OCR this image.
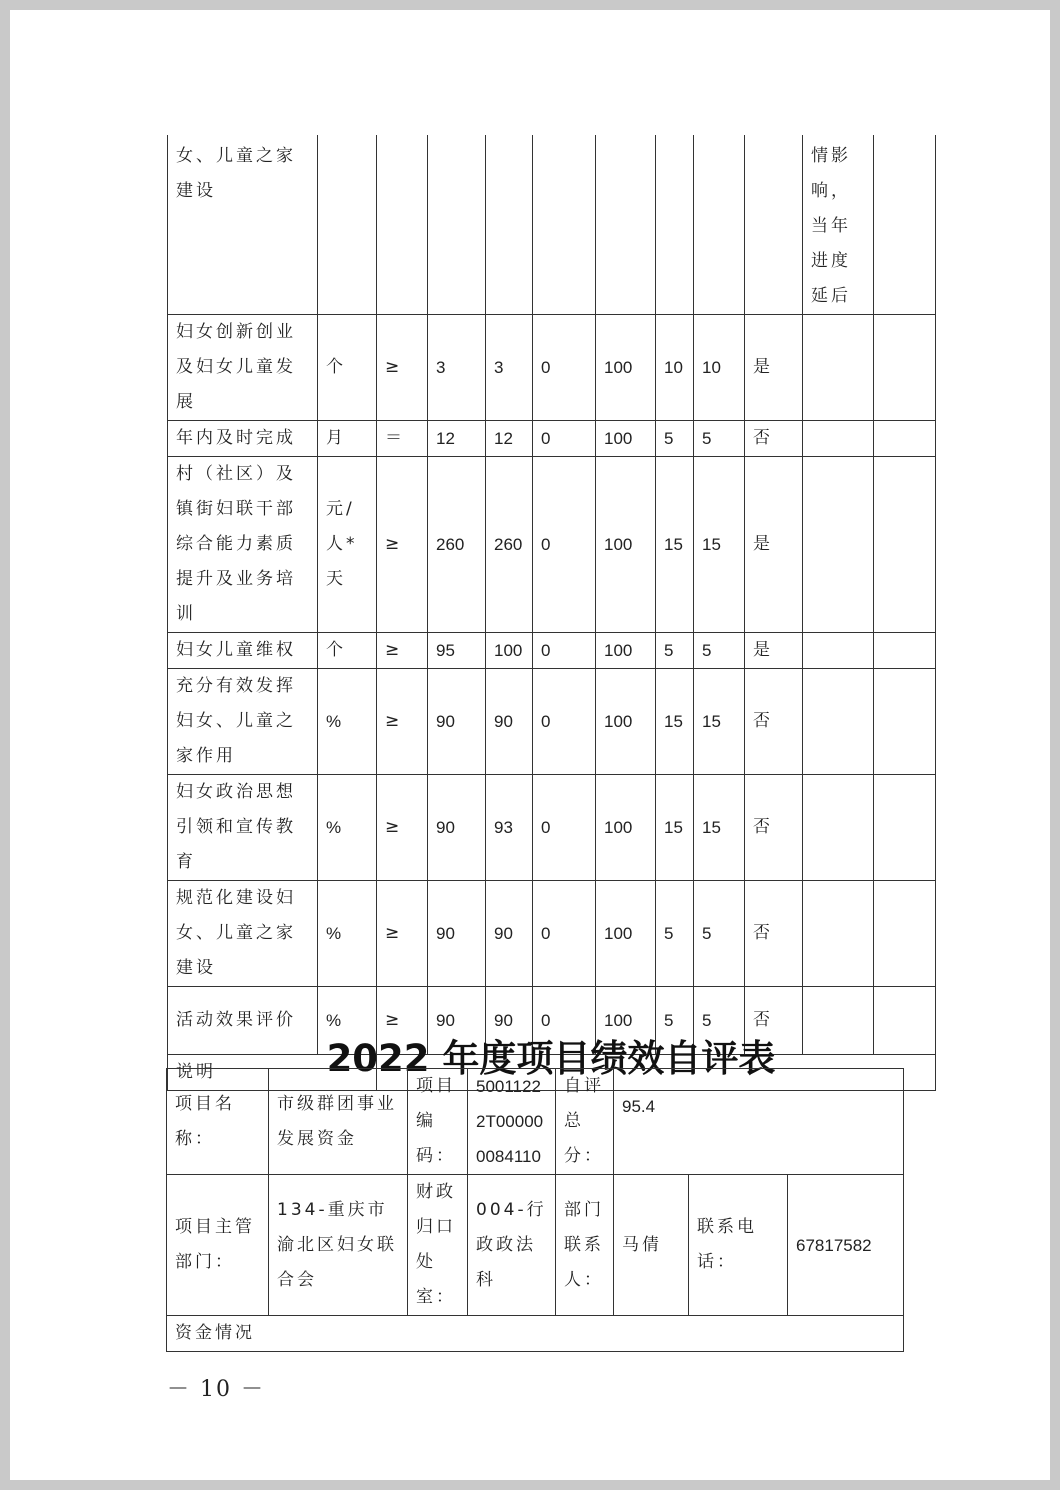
女、儿童之家建设										情影响，当年进度延后	
妇女创新创业及妇女儿童发展	个	≥	3	3	0	100	10	10	是		
年内及时完成	月	＝	12	12	0	100	5	5	否		
村（社区）及镇街妇联干部综合能力素质提升及业务培训	元/人*天	≥	260	260	0	100	15	15	是		
妇女儿童维权	个	≥	95	100	0	100	5	5	是		
充分有效发挥妇女、儿童之家作用	%	≥	90	90	0	100	15	15	否		
妇女政治思想引领和宣传教育	%	≥	90	93	0	100	15	15	否		
规范化建设妇女、儿童之家建设	%	≥	90	90	0	100	5	5	否		
活动效果评价	%	≥	90	90	0	100	5	5	否		
说明												2022 年度项目绩效自评表
项目名称：	市级群团事业发展资金	项目编码：	50011222T000000084110	自评总分：	95.4		
项目主管部门：	134-重庆市渝北区妇女联合会	财政归口处室：	004-行政政法科	部门联系人：	马倩	联系电话：	67817582
资金情况							
－ 10 －
